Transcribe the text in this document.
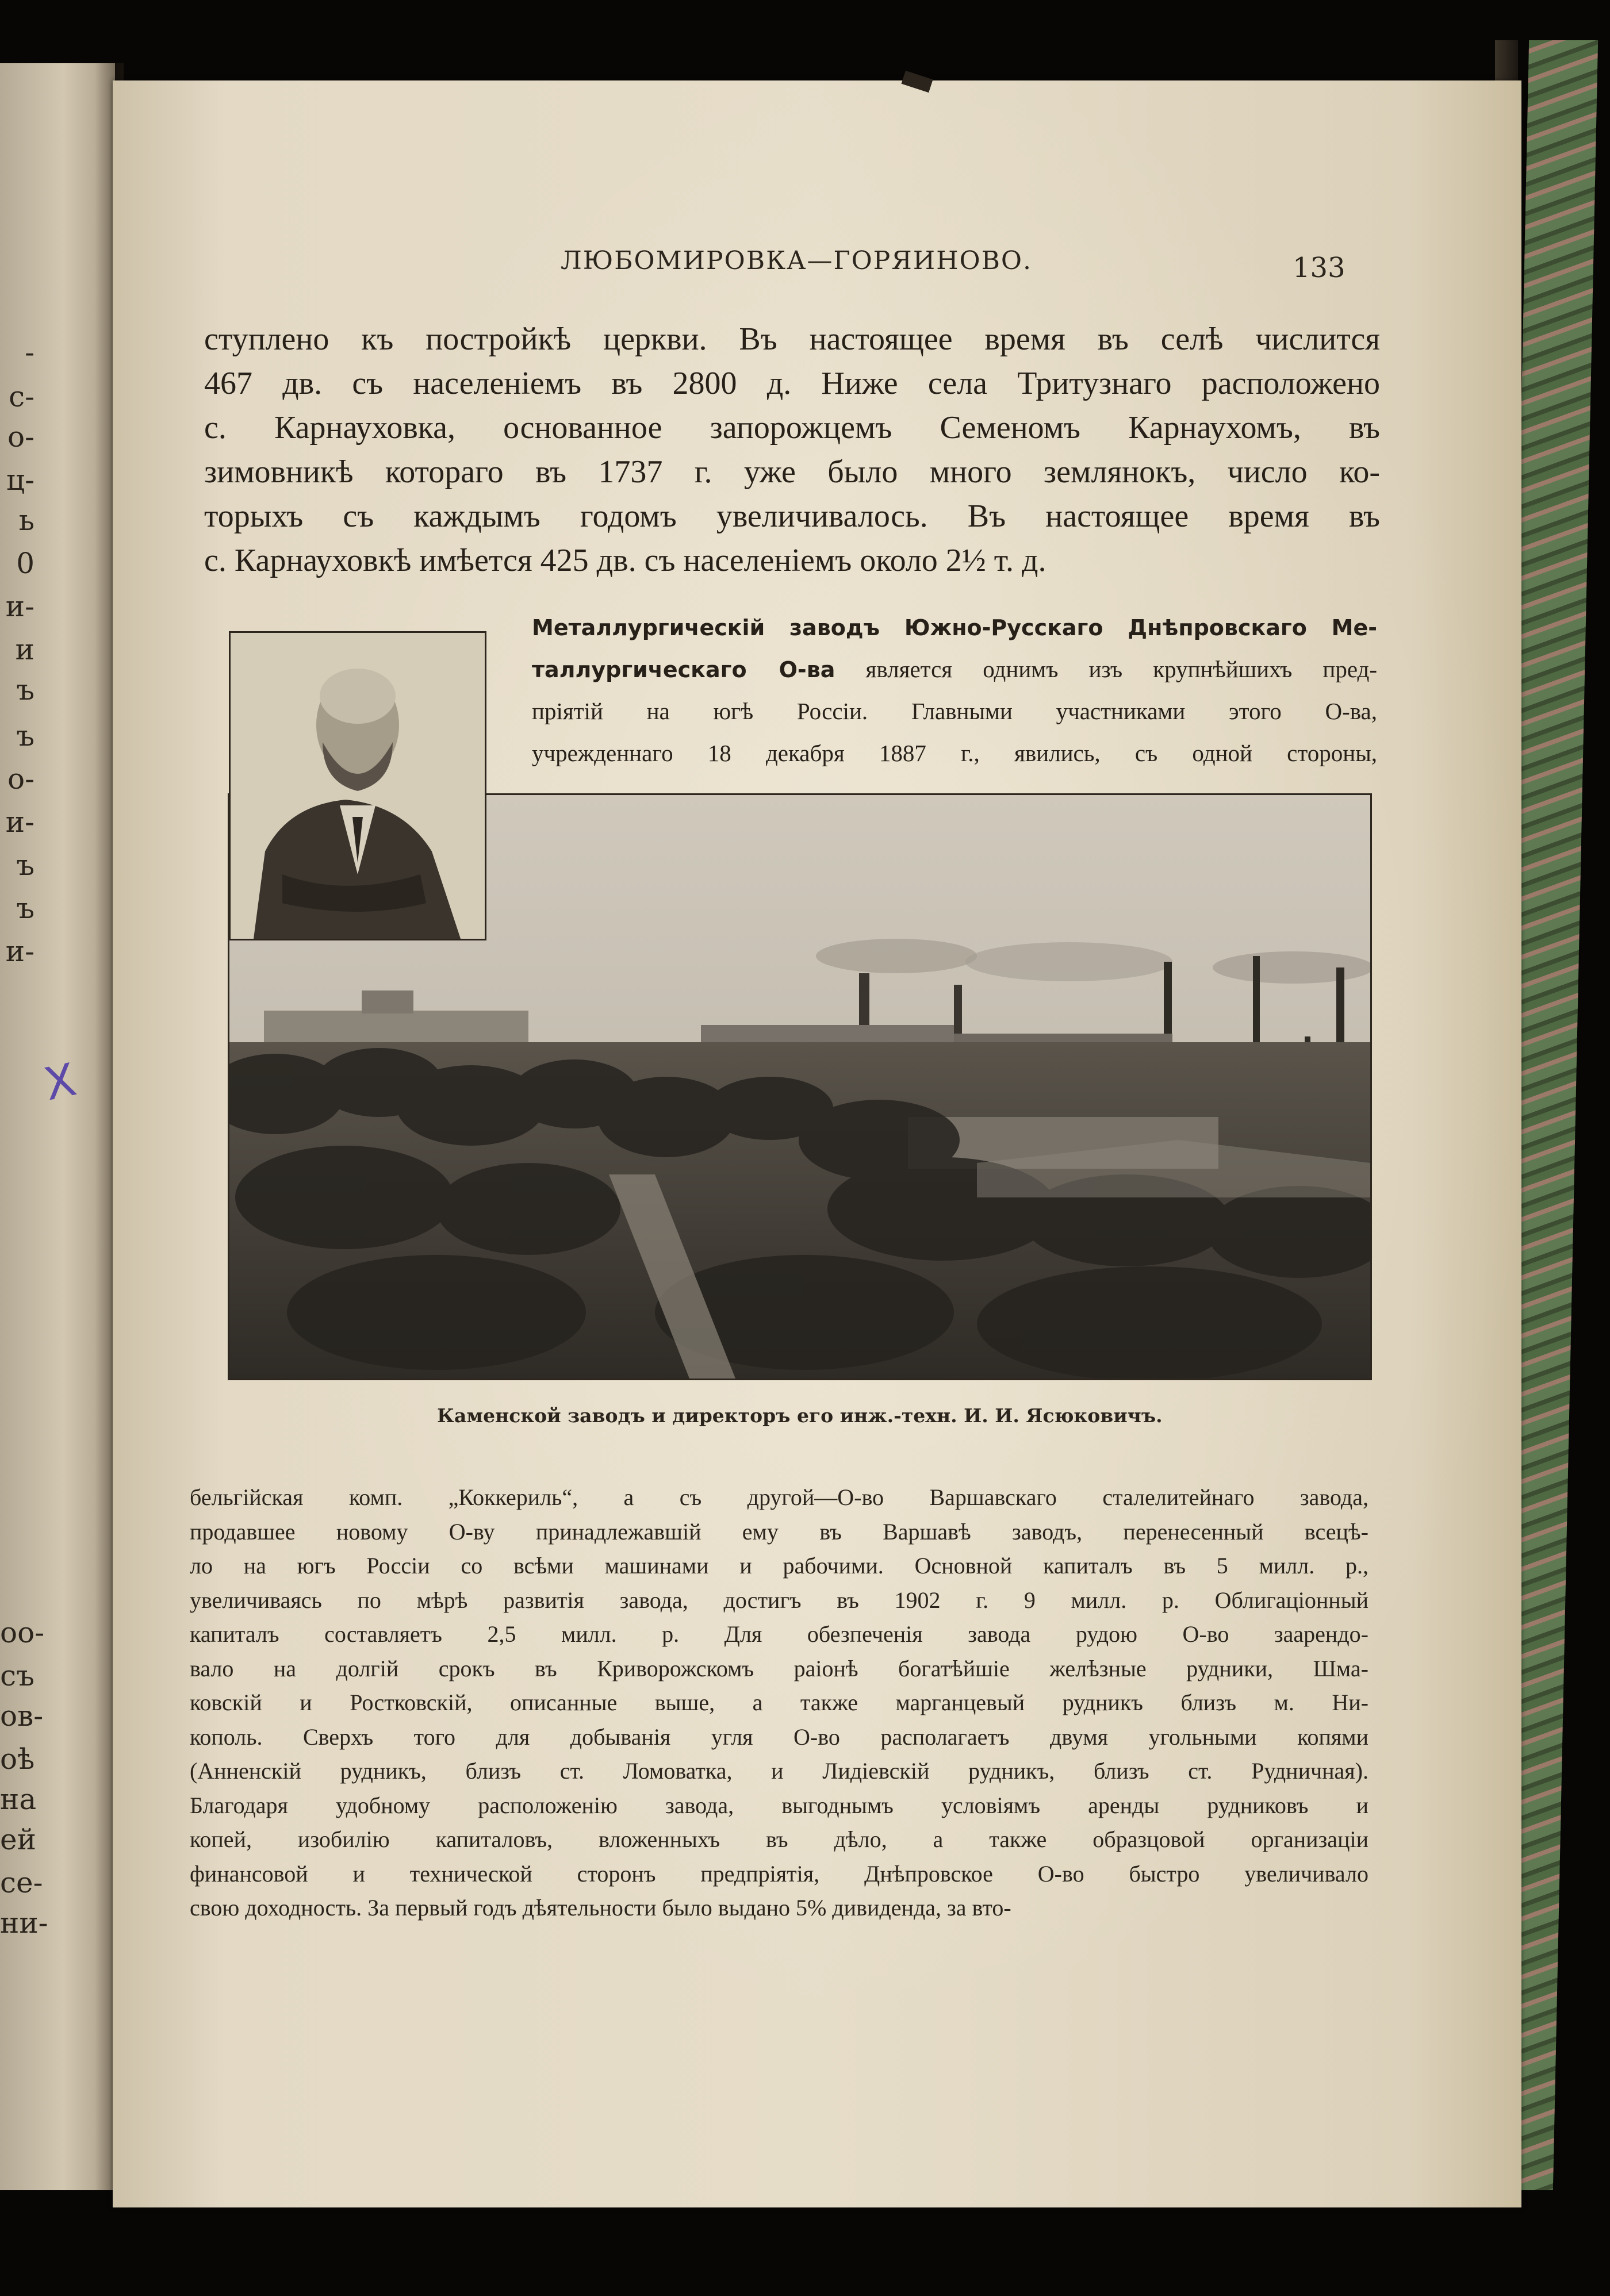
-
с-
о-
ц-
ь
0
и-
и
ъ
ъ
о-
и-
ъ
ъ
и-
оо-
съ
ов-
оѣ
на
ей
се-
ни-
X
ЛЮБОМИРОВКА—ГОРЯИНОВО.	133

ступлено къ постройкѣ церкви. Въ настоящее время въ селѣ числится
467 дв. съ населеніемъ въ 2800 д. Ниже села Тритузнаго расположено
с. Карнауховка, основанное запорожцемъ Семеномъ Карнаухомъ, въ
зимовникѣ котораго въ 1737 г. уже было много землянокъ, число ко-
торыхъ съ каждымъ годомъ увеличивалось. Въ настоящее время въ
с. Карнауховкѣ имѣется 425 дв. съ населеніемъ около 2½ т. д.

Металлургическій заводъ Южно-Русскаго Днѣпровскаго Ме-
таллургическаго О-ва является однимъ изъ крупнѣйшихъ пред-
пріятій на югѣ Россіи. Главными участниками этого О-ва,
учрежденнаго 18 декабря 1887 г., явились, съ одной стороны,

Каменской заводъ и директоръ его инж.-техн. И. И. Ясюковичъ.

бельгійская комп. „Коккериль“, а съ другой—О-во Варшавскаго сталелитейнаго завода,
продавшее новому О-ву принадлежавшій ему въ Варшавѣ заводъ, перенесенный всецѣ-
ло на югъ Россіи со всѣми машинами и рабочими. Основной капиталъ въ 5 милл. р.,
увеличиваясь по мѣрѣ развитія завода, достигъ въ 1902 г. 9 милл. р. Облигаціонный
капиталъ составляетъ 2,5 милл. р. Для обезпеченія завода рудою О-во заарендо-
вало на долгій срокъ въ Криворожскомъ раіонѣ богатѣйшіе желѣзные рудники, Шма-
ковскій и Ростковскій, описанные выше, а также марганцевый рудникъ близъ м. Ни-
кополь. Сверхъ того для добыванія угля О-во располагаетъ двумя угольными копями
(Анненскій рудникъ, близъ ст. Ломоватка, и Лидіевскій рудникъ, близъ ст. Рудничная).
Благодаря удобному расположенію завода, выгоднымъ условіямъ аренды рудниковъ и
копей, изобилію капиталовъ, вложенныхъ въ дѣло, а также образцовой организаціи
финансовой и технической сторонъ предпріятія, Днѣпровское О-во быстро увеличивало
свою доходность. За первый годъ дѣятельности было выдано 5% дивиденда, за вто-
